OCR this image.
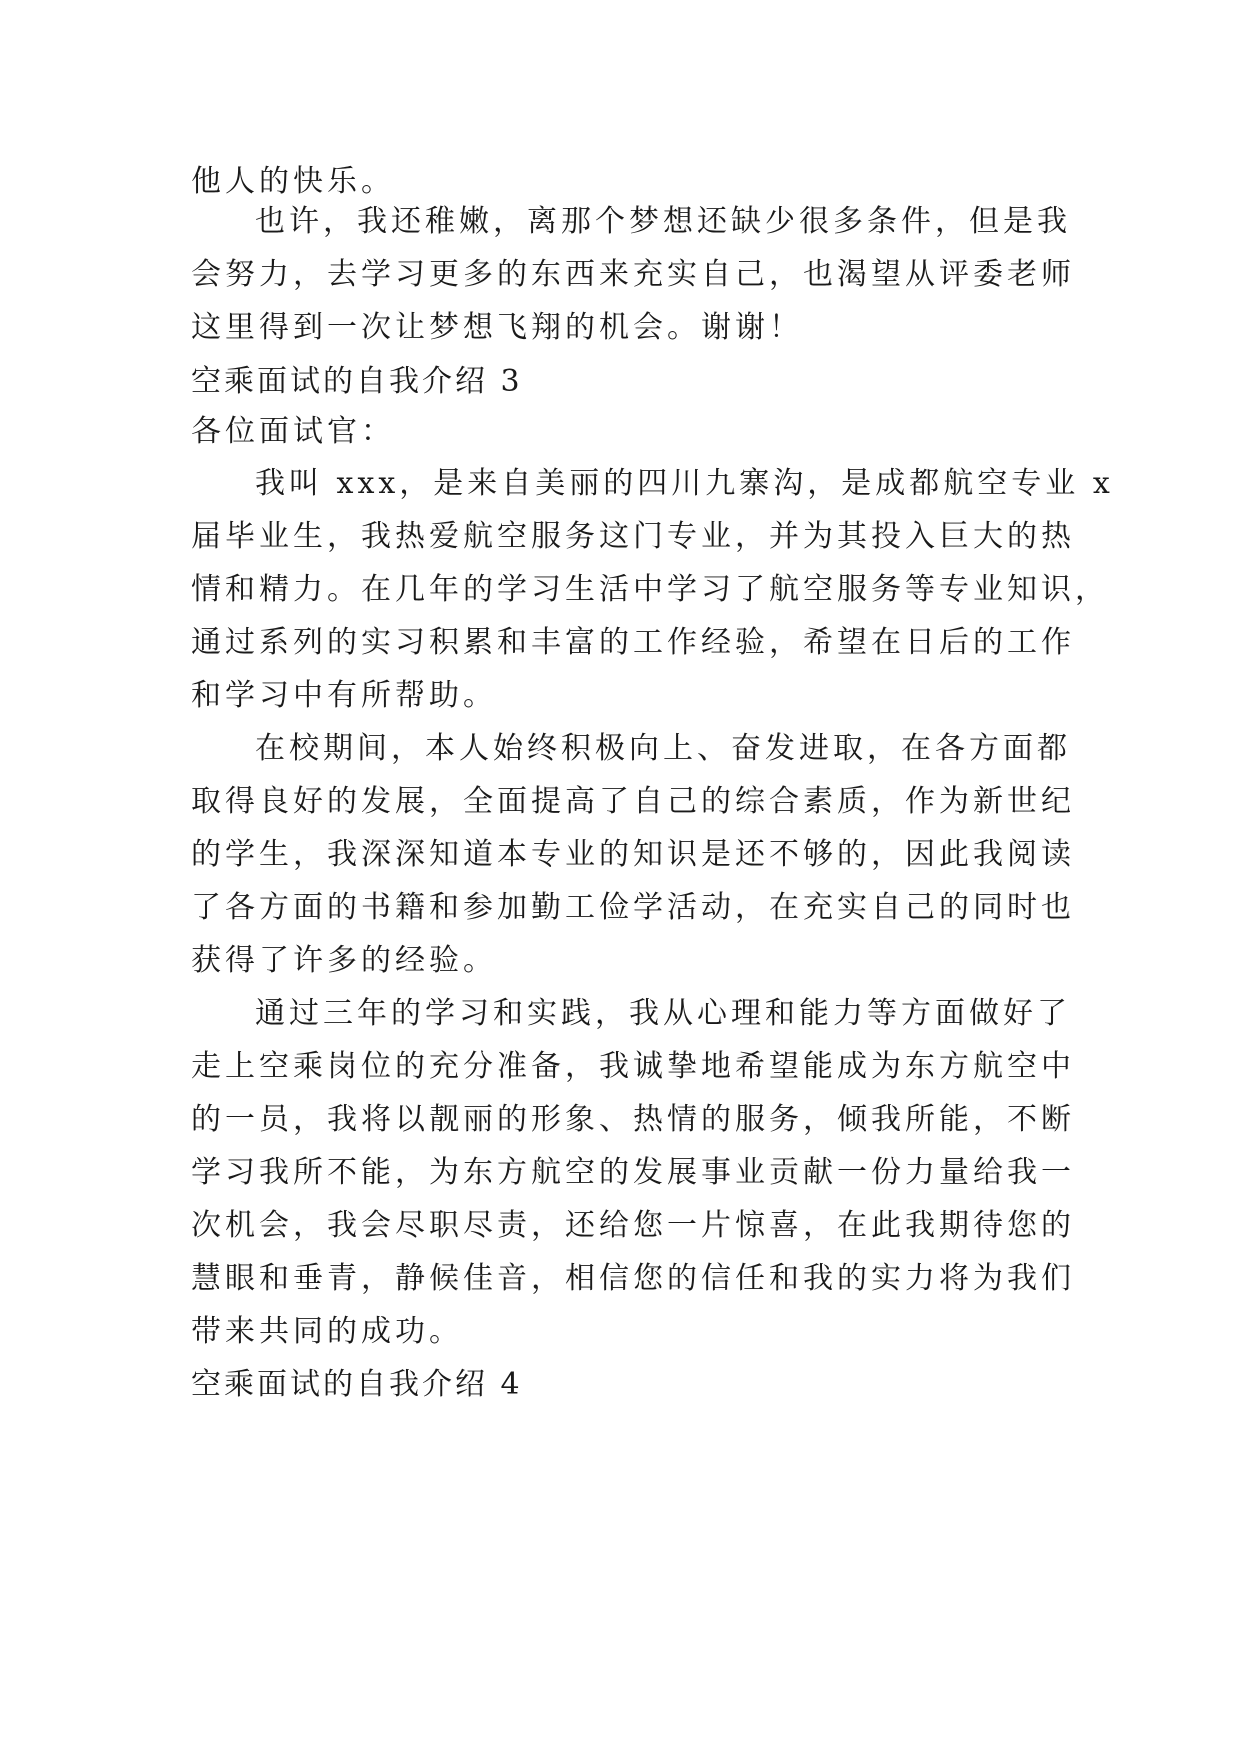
他人的快乐。
也许，我还稚嫩，离那个梦想还缺少很多条件，但是我
会努力，去学习更多的东西来充实自己，也渴望从评委老师
这里得到一次让梦想飞翔的机会。谢谢！
空乘面试的自我介绍 3
各位面试官：
我叫 xxx，是来自美丽的四川九寨沟，是成都航空专业 x
届毕业生，我热爱航空服务这门专业，并为其投入巨大的热
情和精力。在几年的学习生活中学习了航空服务等专业知识，
通过系列的实习积累和丰富的工作经验，希望在日后的工作
和学习中有所帮助。
在校期间，本人始终积极向上、奋发进取，在各方面都
取得良好的发展，全面提高了自己的综合素质，作为新世纪
的学生，我深深知道本专业的知识是还不够的，因此我阅读
了各方面的书籍和参加勤工俭学活动，在充实自己的同时也
获得了许多的经验。
通过三年的学习和实践，我从心理和能力等方面做好了
走上空乘岗位的充分准备，我诚挚地希望能成为东方航空中
的一员，我将以靓丽的形象、热情的服务，倾我所能，不断
学习我所不能，为东方航空的发展事业贡献一份力量给我一
次机会，我会尽职尽责，还给您一片惊喜，在此我期待您的
慧眼和垂青，静候佳音，相信您的信任和我的实力将为我们
带来共同的成功。
空乘面试的自我介绍 4
